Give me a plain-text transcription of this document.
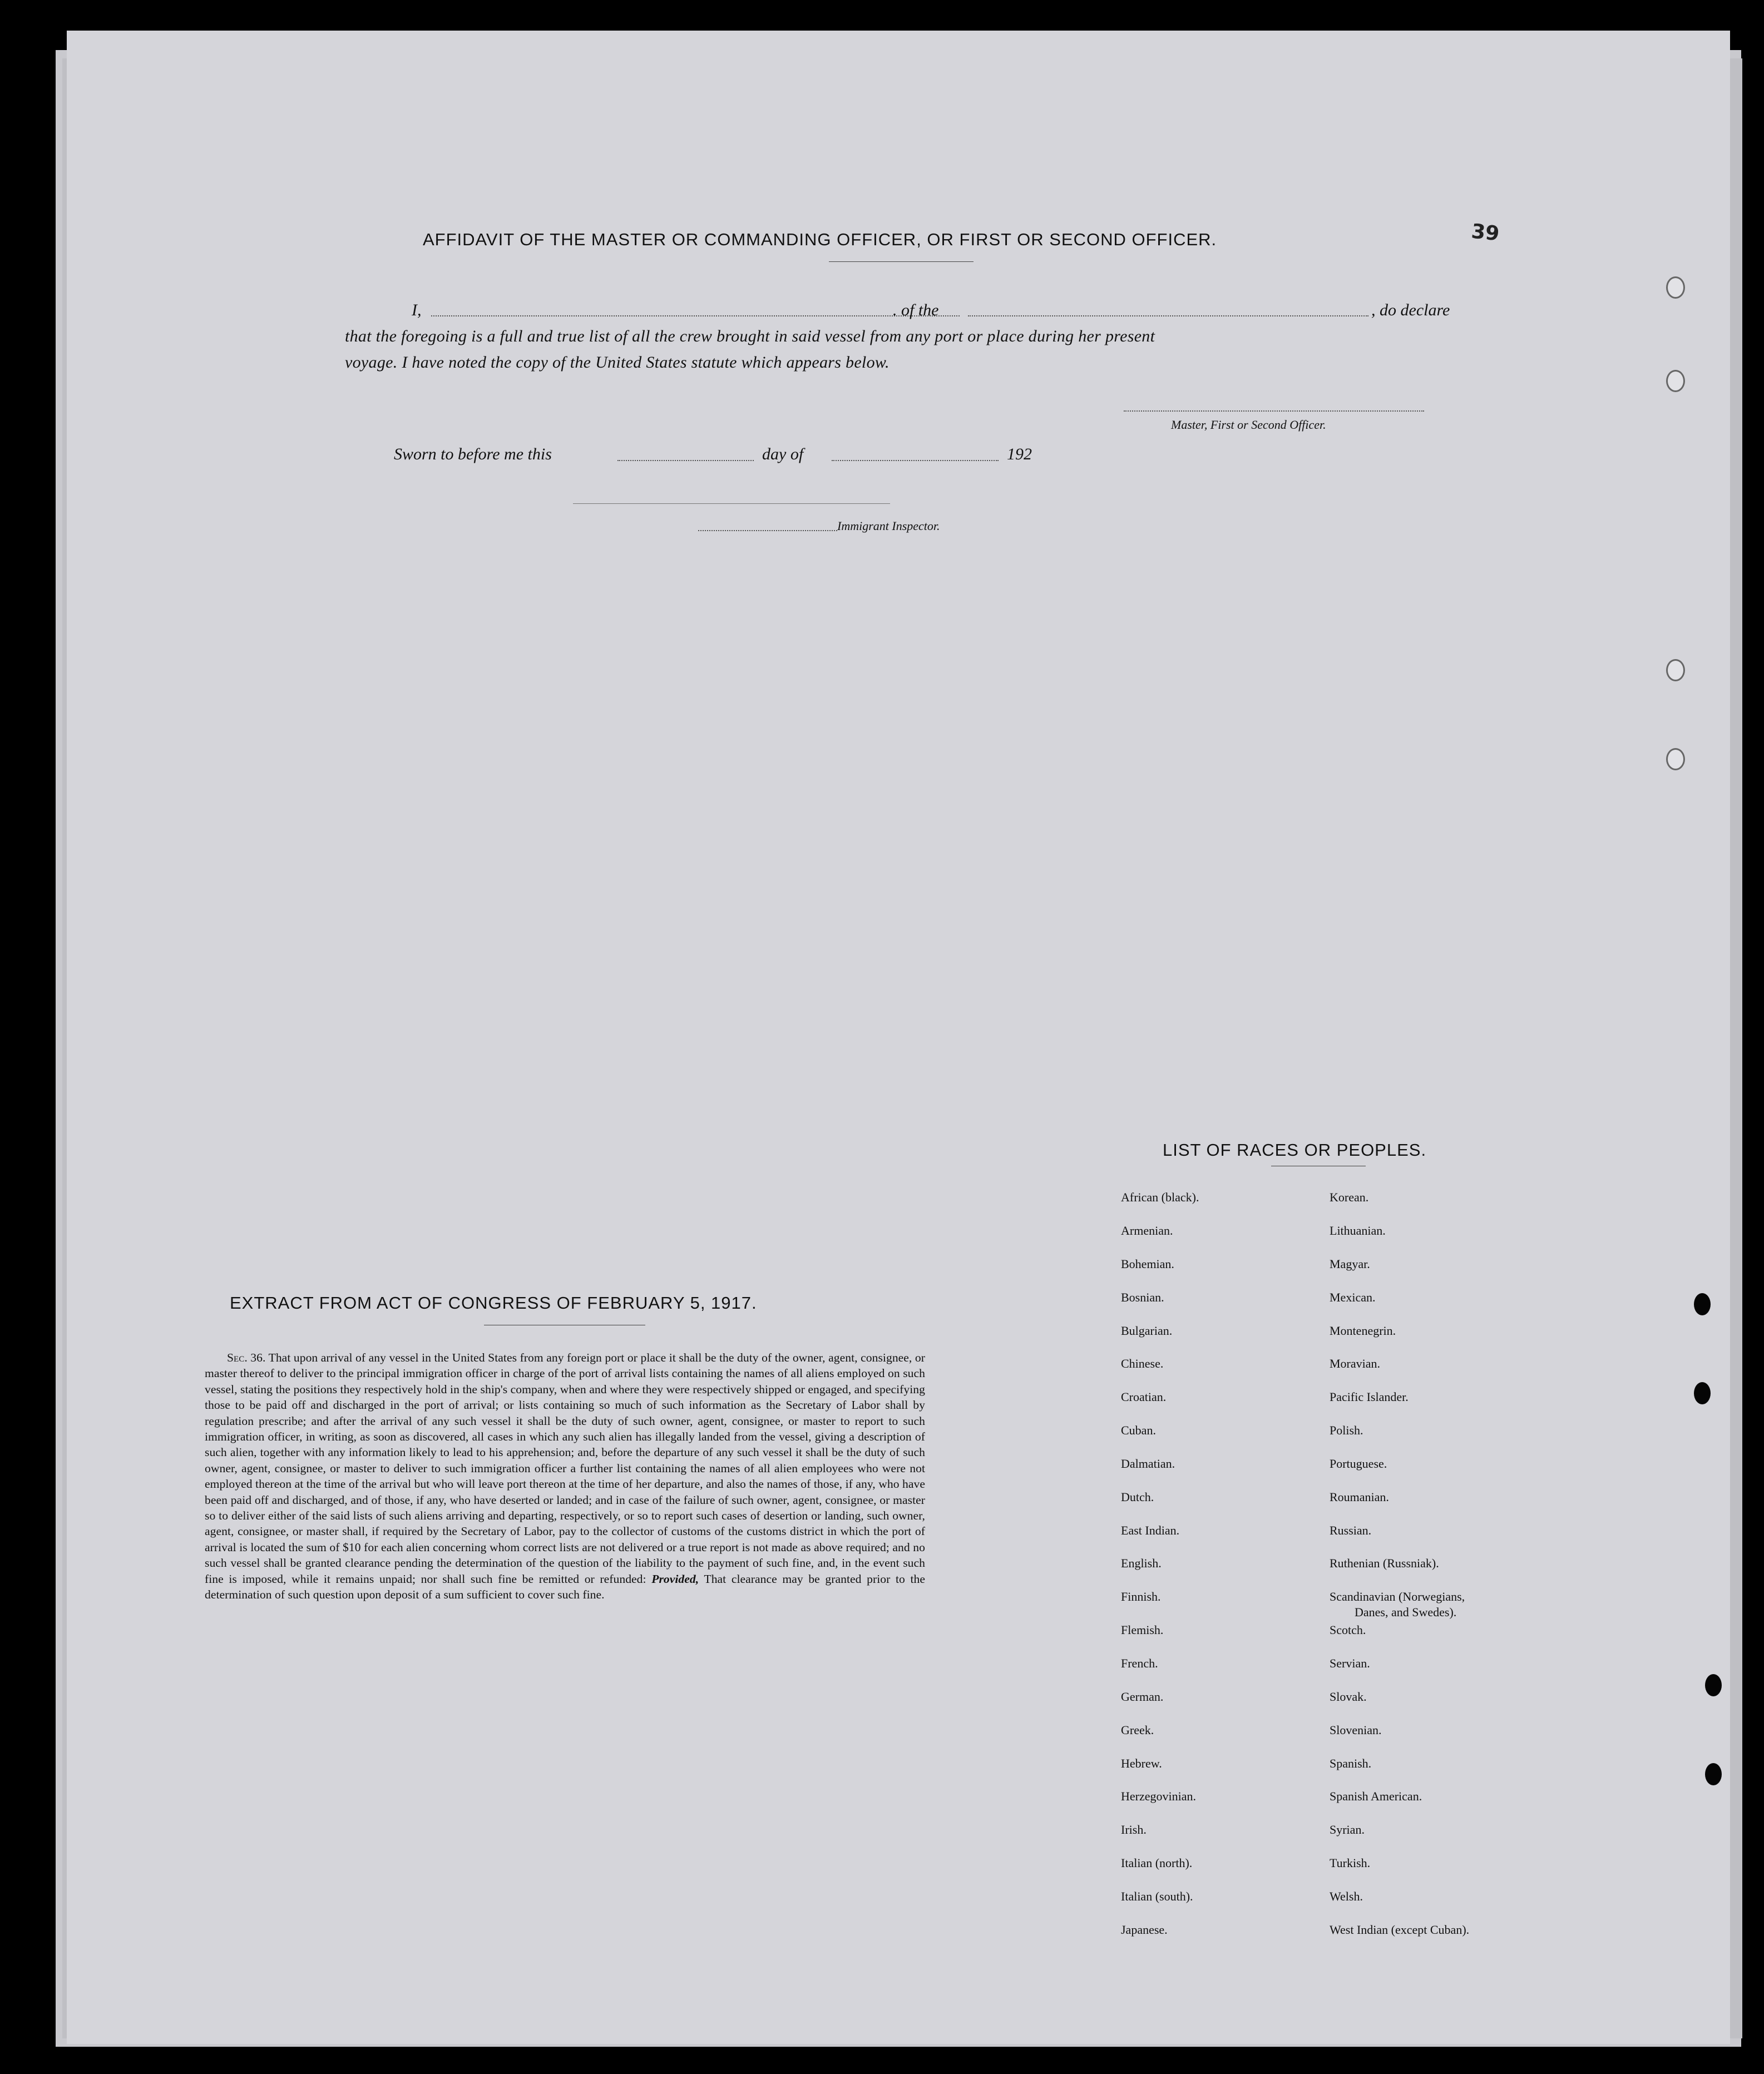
AFFIDAVIT OF THE MASTER OR COMMANDING OFFICER, OR FIRST OR SECOND OFFICER.
I,	. of the	, do declare
that the foregoing is a full and true list of all the crew brought in said vessel from any port or place during her present
voyage. I have noted the copy of the United States statute which appears below.
Master, First or Second Officer.
Sworn to before me this	day of	192
Immigrant Inspector.
39
LIST OF RACES OR PEOPLES.
African (black).
Armenian.
Bohemian.
Bosnian.
Bulgarian.
Chinese.
Croatian.
Cuban.
Dalmatian.
Dutch.
East Indian.
English.
Finnish.
Flemish.
French.
German.
Greek.
Hebrew.
Herzegovinian.
Irish.
Italian (north).
Italian (south).
Japanese.
Korean.
Lithuanian.
Magyar.
Mexican.
Montenegrin.
Moravian.
Pacific Islander.
Polish.
Portuguese.
Roumanian.
Russian.
Ruthenian (Russniak).
Scandinavian (Norwegians,
Danes, and Swedes).
Scotch.
Servian.
Slovak.
Slovenian.
Spanish.
Spanish American.
Syrian.
Turkish.
Welsh.
West Indian (except Cuban).
EXTRACT FROM ACT OF CONGRESS OF FEBRUARY 5, 1917.
Sec. 36. That upon arrival of any vessel in the United States from any foreign port or place it shall be the duty of the owner, agent, consignee, or master thereof to deliver to the principal immigration officer in charge of the port of arrival lists containing the names of all aliens employed on such vessel, stating the positions they respectively hold in the ship's company, when and where they were respectively shipped or engaged, and specifying those to be paid off and discharged in the port of arrival; or lists containing so much of such information as the Secretary of Labor shall by regulation prescribe; and after the arrival of any such vessel it shall be the duty of such owner, agent, consignee, or master to report to such immigration officer, in writing, as soon as discovered, all cases in which any such alien has illegally landed from the vessel, giving a description of such alien, together with any information likely to lead to his apprehension; and, before the departure of any such vessel it shall be the duty of such owner, agent, consignee, or master to deliver to such immigration officer a further list containing the names of all alien employees who were not employed thereon at the time of the arrival but who will leave port thereon at the time of her departure, and also the names of those, if any, who have been paid off and discharged, and of those, if any, who have deserted or landed; and in case of the failure of such owner, agent, consignee, or master so to deliver either of the said lists of such aliens arriving and departing, respectively, or so to report such cases of desertion or landing, such owner, agent, consignee, or master shall, if required by the Secretary of Labor, pay to the collector of customs of the customs district in which the port of arrival is located the sum of $10 for each alien concerning whom correct lists are not delivered or a true report is not made as above required; and no such vessel shall be granted clearance pending the determination of the question of the liability to the payment of such fine, and, in the event such fine is imposed, while it remains unpaid; nor shall such fine be remitted or refunded: Provided, That clearance may be granted prior to the determination of such question upon deposit of a sum sufficient to cover such fine.
